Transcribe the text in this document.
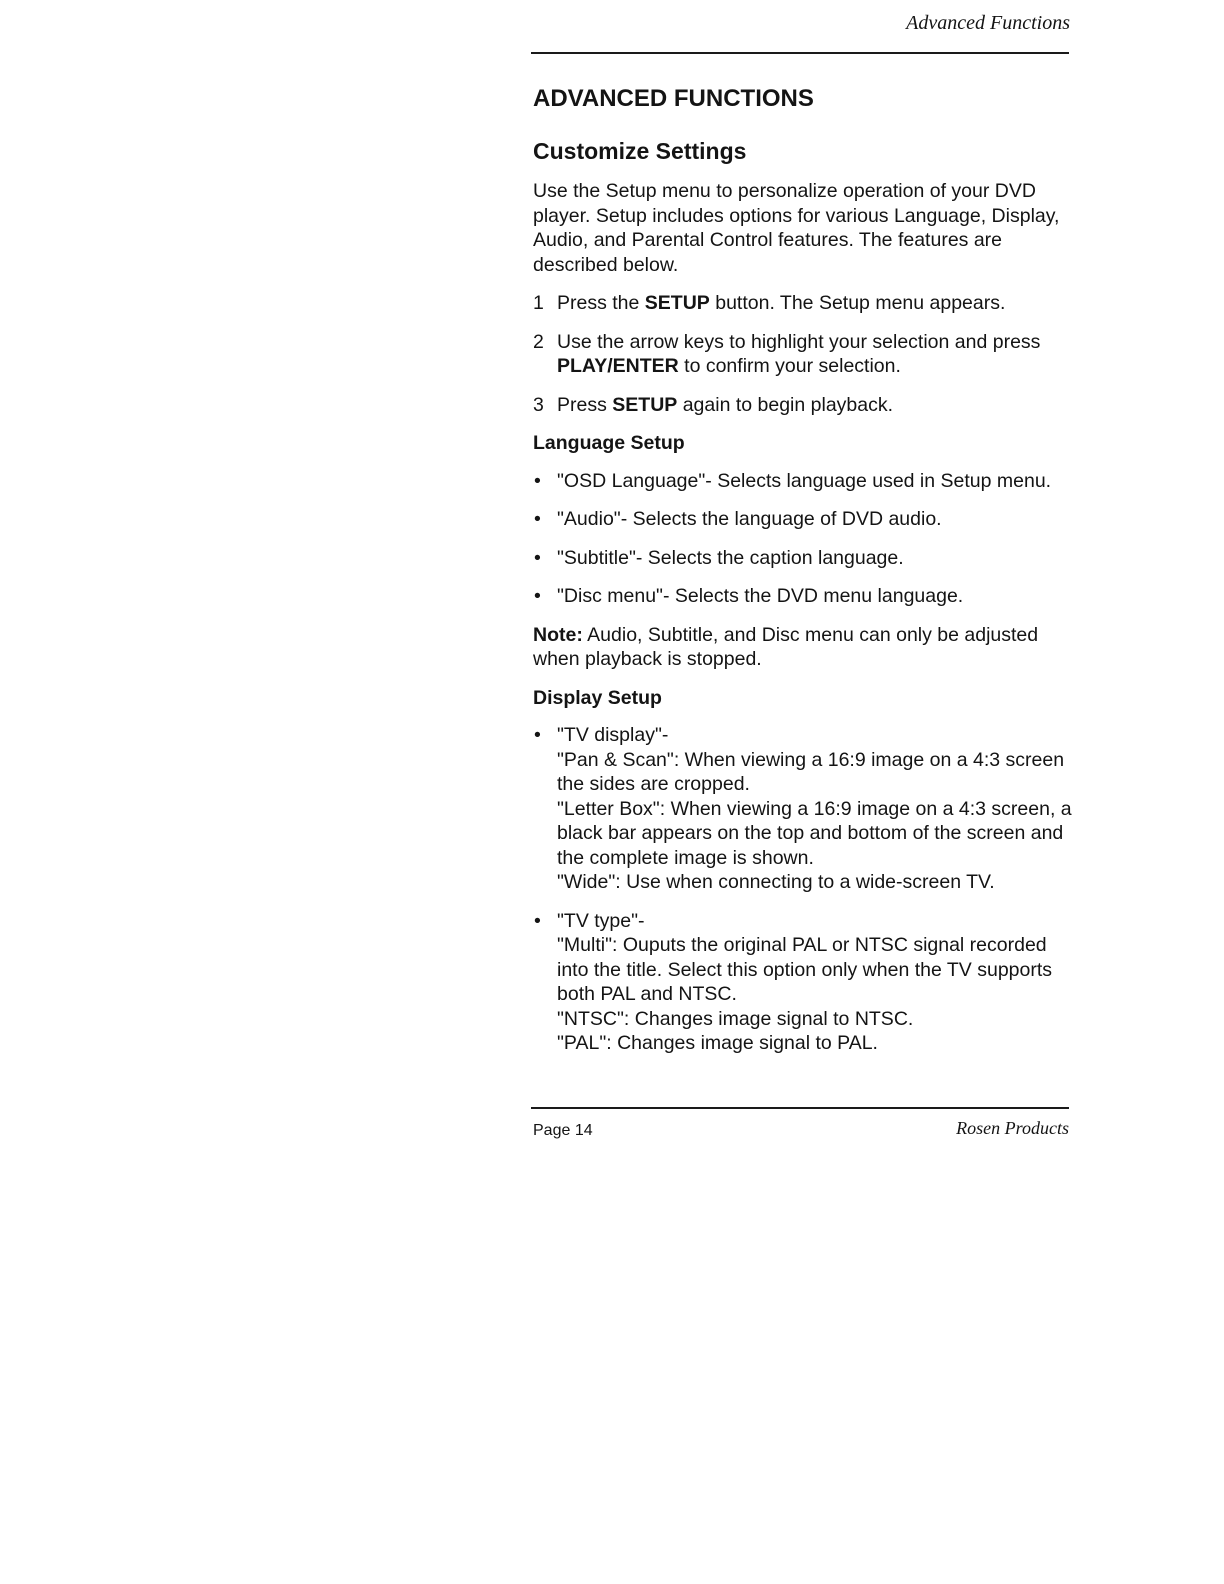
Advanced Functions
ADVANCED FUNCTIONS
Customize Settings

Use the Setup menu to personalize operation of your DVD player. Setup includes options for various Language, Display, Audio, and Parental Control features. The features are described below.

1 Press the SETUP button. The Setup menu appears.
2 Use the arrow keys to highlight your selection and press PLAY/ENTER to confirm your selection.
3 Press SETUP again to begin playback.
Language Setup
• "OSD Language"- Selects language used in Setup menu.
• "Audio"- Selects the language of DVD audio.
• "Subtitle"- Selects the caption language.
• "Disc menu"- Selects the DVD menu language.

Note: Audio, Subtitle, and Disc menu can only be adjusted when playback is stopped.

Display Setup
• "TV display"-
"Pan & Scan": When viewing a 16:9 image on a 4:3 screen the sides are cropped.
"Letter Box": When viewing a 16:9 image on a 4:3 screen, a black bar appears on the top and bottom of the screen and the complete image is shown.
"Wide": Use when connecting to a wide-screen TV.
• "TV type"-
"Multi": Ouputs the original PAL or NTSC signal recorded into the title. Select this option only when the TV supports both PAL and NTSC.
"NTSC": Changes image signal to NTSC.
"PAL": Changes image signal to PAL.
Page 14	Rosen Products
